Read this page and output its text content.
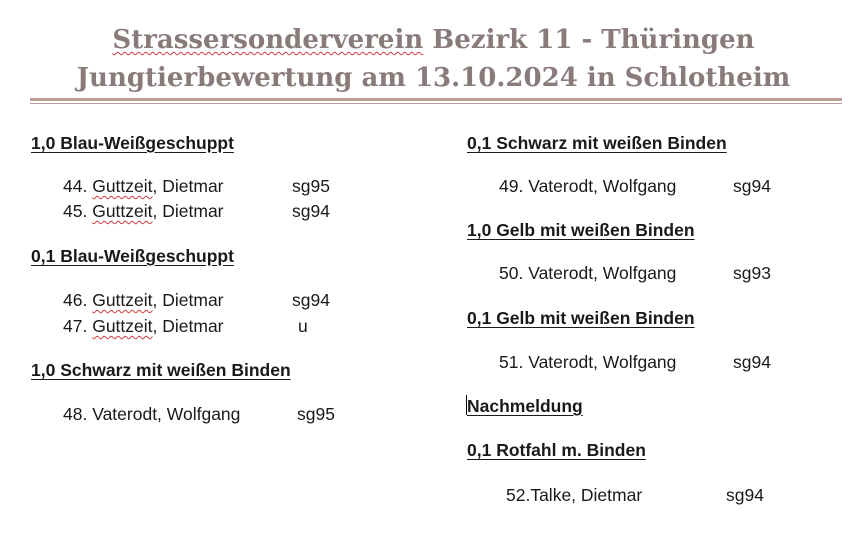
Strassersonderverein Bezirk 11 - Thüringen
Jungtierbewertung am 13.10.2024 in Schlotheim
1,0 Blau-Weißgeschuppt
44. Guttzeit, Dietmar	sg95
45. Guttzeit, Dietmar	sg94
0,1 Blau-Weißgeschuppt
46. Guttzeit, Dietmar	sg94
47. Guttzeit, Dietmar	u
1,0 Schwarz mit weißen Binden
48. Vaterodt, Wolfgang	sg95
0,1 Schwarz mit weißen Binden
49. Vaterodt, Wolfgang	sg94
1,0 Gelb mit weißen Binden
50. Vaterodt, Wolfgang	sg93
0,1 Gelb mit weißen Binden
51. Vaterodt, Wolfgang	sg94
Nachmeldung
0,1 Rotfahl m. Binden
52.Talke, Dietmar	sg94
